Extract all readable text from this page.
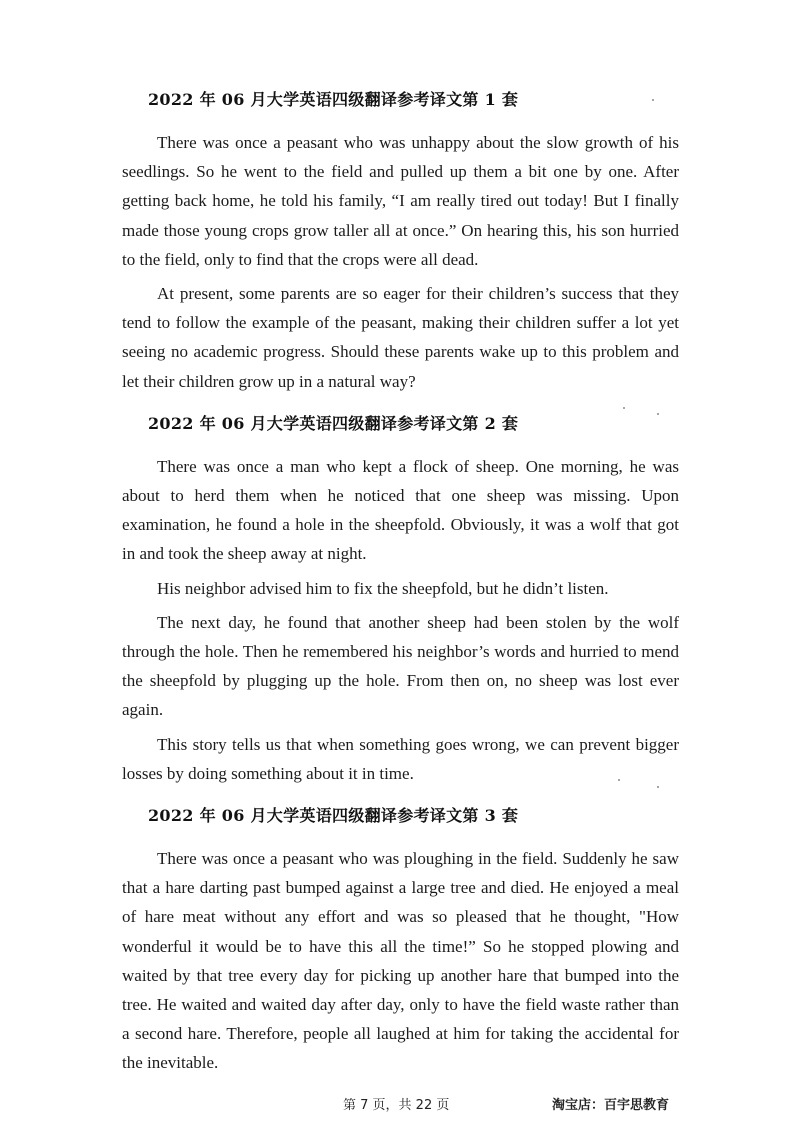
2022 年 06 月大学英语四级翻译参考译文第 1 套

There was once a peasant who was unhappy about the slow growth of his seedlings. So he went to the field and pulled up them a bit one by one. After getting back home, he told his family, “I am really tired out today! But I finally made those young crops grow taller all at once.” On hearing this, his son hurried to the field, only to find that the crops were all dead.

At present, some parents are so eager for their children’s success that they tend to follow the example of the peasant, making their children suffer a lot yet seeing no academic progress. Should these parents wake up to this problem and let their children grow up in a natural way?

2022 年 06 月大学英语四级翻译参考译文第 2 套

There was once a man who kept a flock of sheep. One morning, he was about to herd them when he noticed that one sheep was missing. Upon examination, he found a hole in the sheepfold. Obviously, it was a wolf that got in and took the sheep away at night.

His neighbor advised him to fix the sheepfold, but he didn’t listen.

The next day, he found that another sheep had been stolen by the wolf through the hole. Then he remembered his neighbor’s words and hurried to mend the sheepfold by plugging up the hole. From then on, no sheep was lost ever again.

This story tells us that when something goes wrong, we can prevent bigger losses by doing something about it in time.

2022 年 06 月大学英语四级翻译参考译文第 3 套

There was once a peasant who was ploughing in the field. Suddenly he saw that a hare darting past bumped against a large tree and died. He enjoyed a meal of hare meat without any effort and was so pleased that he thought, "How wonderful it would be to have this all the time!” So he stopped plowing and waited by that tree every day for picking up another hare that bumped into the tree. He waited and waited day after day, only to have the field waste rather than a second hare. Therefore, people all laughed at him for taking the accidental for the inevitable.

第 7 页，共 22 页	淘宝店：百宇思教育
